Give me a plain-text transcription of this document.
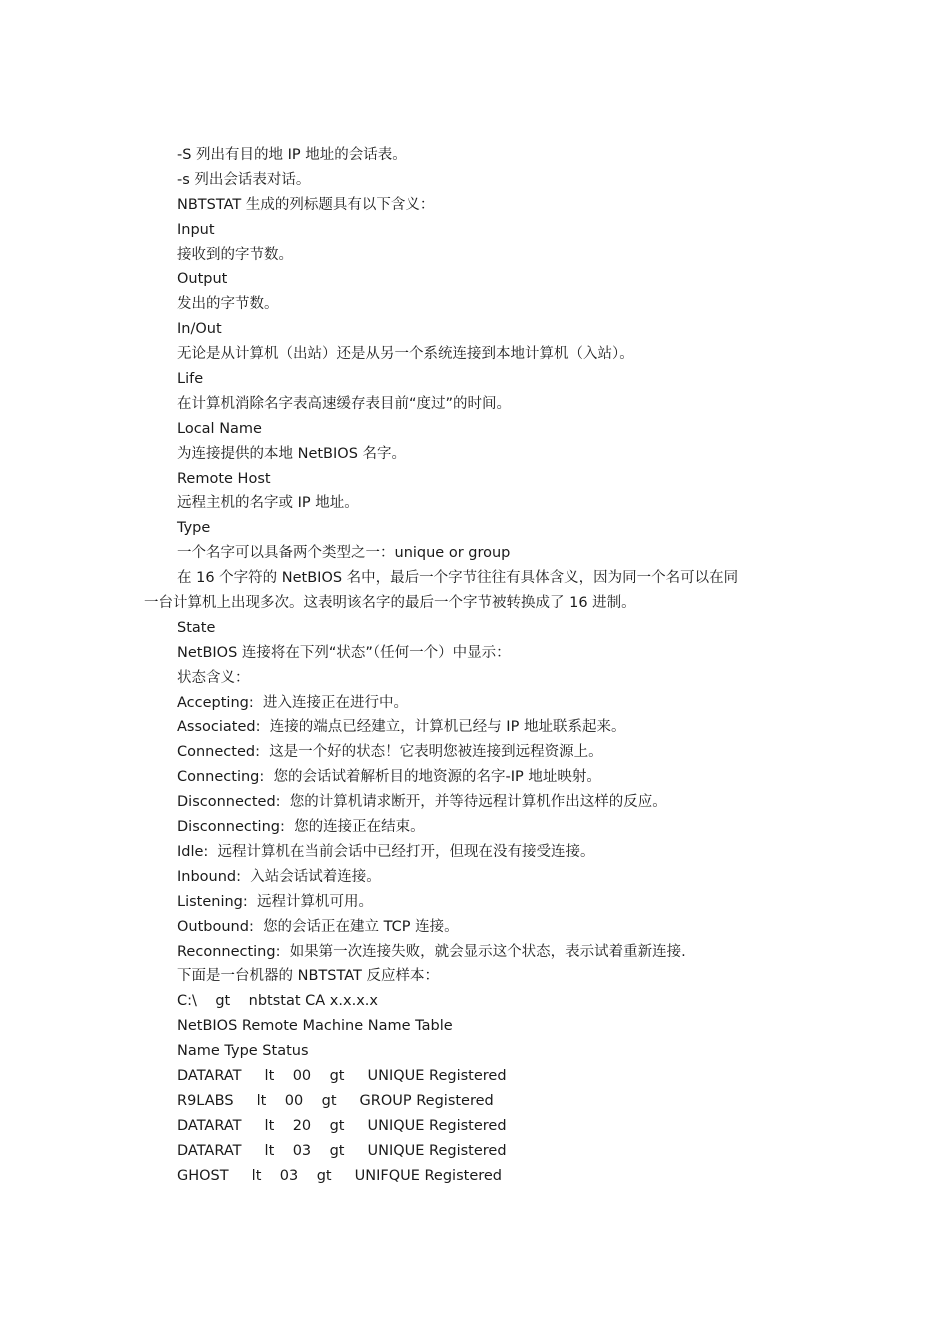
-S 列出有目的地 IP 地址的会话表。
-s 列出会话表对话。
NBTSTAT 生成的列标题具有以下含义：
Input
接收到的字节数。
Output
发出的字节数。
In/Out
无论是从计算机（出站）还是从另一个系统连接到本地计算机（入站）。
Life
在计算机消除名字表高速缓存表目前“度过”的时间。
Local Name
为连接提供的本地 NetBIOS 名字。
Remote Host
远程主机的名字或 IP 地址。
Type
一个名字可以具备两个类型之一：unique or group
在 16 个字符的 NetBIOS 名中，最后一个字节往往有具体含义，因为同一个名可以在同
一台计算机上出现多次。这表明该名字的最后一个字节被转换成了 16 进制。
State
NetBIOS 连接将在下列“状态”（任何一个）中显示：
状态含义：
Accepting: 进入连接正在进行中。
Associated: 连接的端点已经建立，计算机已经与 IP 地址联系起来。
Connected: 这是一个好的状态！它表明您被连接到远程资源上。
Connecting: 您的会话试着解析目的地资源的名字-IP 地址映射。
Disconnected: 您的计算机请求断开，并等待远程计算机作出这样的反应。
Disconnecting: 您的连接正在结束。
Idle: 远程计算机在当前会话中已经打开，但现在没有接受连接。
Inbound: 入站会话试着连接。
Listening: 远程计算机可用。
Outbound: 您的会话正在建立 TCP 连接。
Reconnecting: 如果第一次连接失败，就会显示这个状态，表示试着重新连接.
下面是一台机器的 NBTSTAT 反应样本：
C:\    gt    nbtstat CA x.x.x.x
NetBIOS Remote Machine Name Table
Name Type Status
DATARAT     lt    00    gt     UNIQUE Registered
R9LABS     lt    00    gt     GROUP Registered
DATARAT     lt    20    gt     UNIQUE Registered
DATARAT     lt    03    gt     UNIQUE Registered
GHOST     lt    03    gt     UNIFQUE Registered
